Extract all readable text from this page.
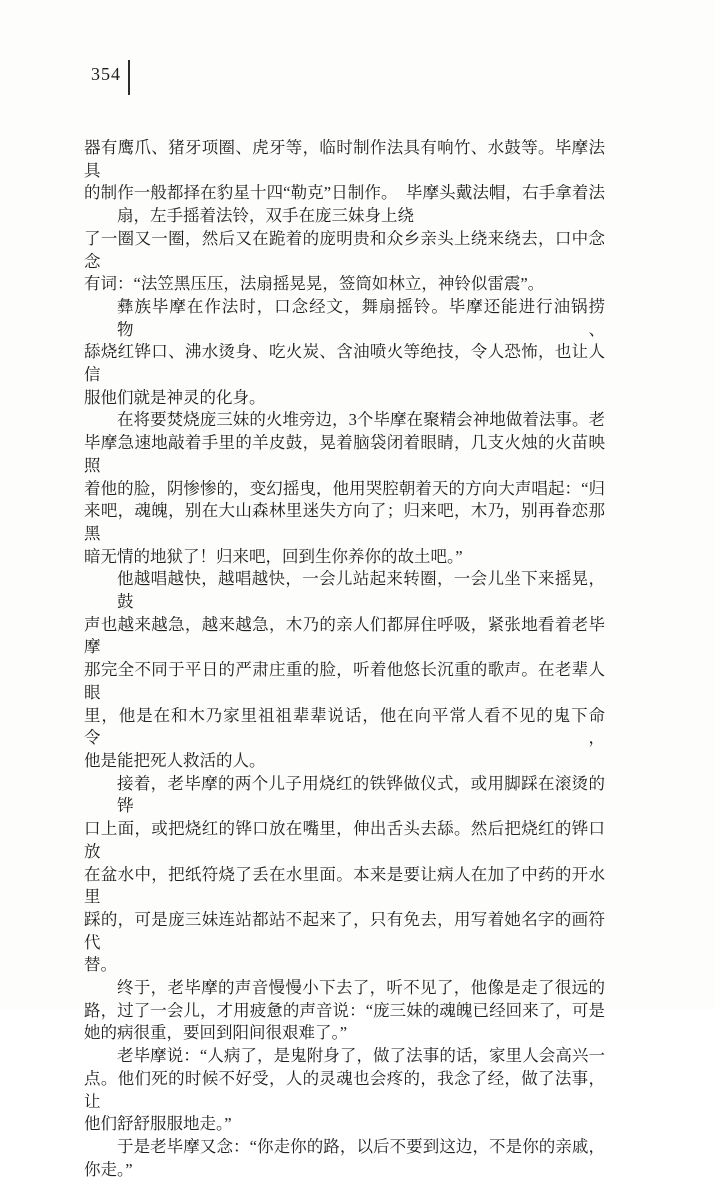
354
器有鹰爪、猪牙项圈、虎牙等，临时制作法具有响竹、水鼓等。毕摩法具
的制作一般都择在豹星十四“勒克”日制作。　毕摩头戴法帽，右手拿着法
扇，左手摇着法铃，双手在庞三妹身上绕
了一圈又一圈，然后又在跪着的庞明贵和众乡亲头上绕来绕去，口中念念
有词：“法笠黑压压，法扇摇晃晃，签筒如林立，神铃似雷震”。
彝族毕摩在作法时，口念经文，舞扇摇铃。毕摩还能进行油锅捞物、
舔烧红铧口、沸水烫身、吃火炭、含油喷火等绝技，令人恐怖，也让人信
服他们就是神灵的化身。
在将要焚烧庞三妹的火堆旁边，3个毕摩在聚精会神地做着法事。老
毕摩急速地敲着手里的羊皮鼓，晃着脑袋闭着眼睛，几支火烛的火苗映照
着他的脸，阴惨惨的，变幻摇曳，他用哭腔朝着天的方向大声唱起：“归
来吧，魂魄，别在大山森林里迷失方向了；归来吧，木乃，别再眷恋那黑
暗无情的地狱了！归来吧，回到生你养你的故土吧。”
他越唱越快，越唱越快，一会儿站起来转圈，一会儿坐下来摇晃，鼓
声也越来越急，越来越急，木乃的亲人们都屏住呼吸，紧张地看着老毕摩
那完全不同于平日的严肃庄重的脸，听着他悠长沉重的歌声。在老辈人眼
里，他是在和木乃家里祖祖辈辈说话，他在向平常人看不见的鬼下命令，
他是能把死人救活的人。
接着，老毕摩的两个儿子用烧红的铁铧做仪式，或用脚踩在滚烫的铧
口上面，或把烧红的铧口放在嘴里，伸出舌头去舔。然后把烧红的铧口放
在盆水中，把纸符烧了丢在水里面。本来是要让病人在加了中药的开水里
踩的，可是庞三妹连站都站不起来了，只有免去，用写着她名字的画符代
替。
终于，老毕摩的声音慢慢小下去了，听不见了，他像是走了很远的
路，过了一会儿，才用疲惫的声音说：“庞三妹的魂魄已经回来了，可是
她的病很重，要回到阳间很艰难了。”
老毕摩说：“人病了，是鬼附身了，做了法事的话，家里人会高兴一
点。他们死的时候不好受，人的灵魂也会疼的，我念了经，做了法事，让
他们舒舒服服地走。”
于是老毕摩又念：“你走你的路，以后不要到这边，不是你的亲戚，
你走。”
